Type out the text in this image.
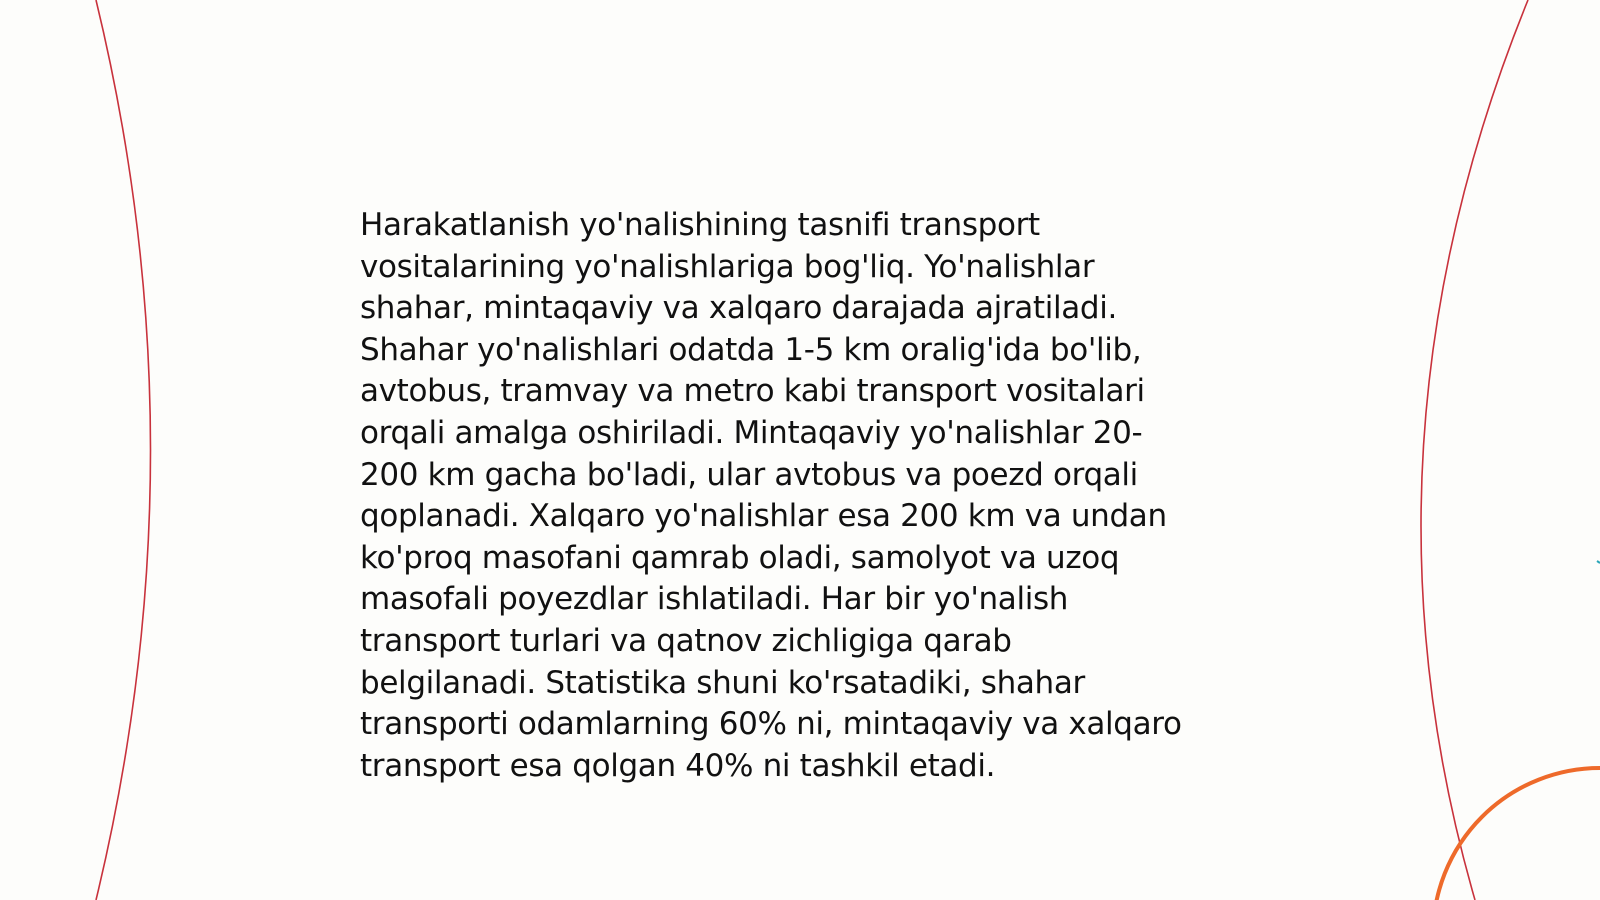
Harakatlanish yo'nalishining tasnifi transport
vositalarining yo'nalishlariga bog'liq. Yo'nalishlar
shahar, mintaqaviy va xalqaro darajada ajratiladi.
Shahar yo'nalishlari odatda 1-5 km oralig'ida bo'lib,
avtobus, tramvay va metro kabi transport vositalari
orqali amalga oshiriladi. Mintaqaviy yo'nalishlar 20-
200 km gacha bo'ladi, ular avtobus va poezd orqali
qoplanadi. Xalqaro yo'nalishlar esa 200 km va undan
ko'proq masofani qamrab oladi, samolyot va uzoq
masofali poyezdlar ishlatiladi. Har bir yo'nalish
transport turlari va qatnov zichligiga qarab
belgilanadi. Statistika shuni ko'rsatadiki, shahar
transporti odamlarning 60% ni, mintaqaviy va xalqaro
transport esa qolgan 40% ni tashkil etadi.
